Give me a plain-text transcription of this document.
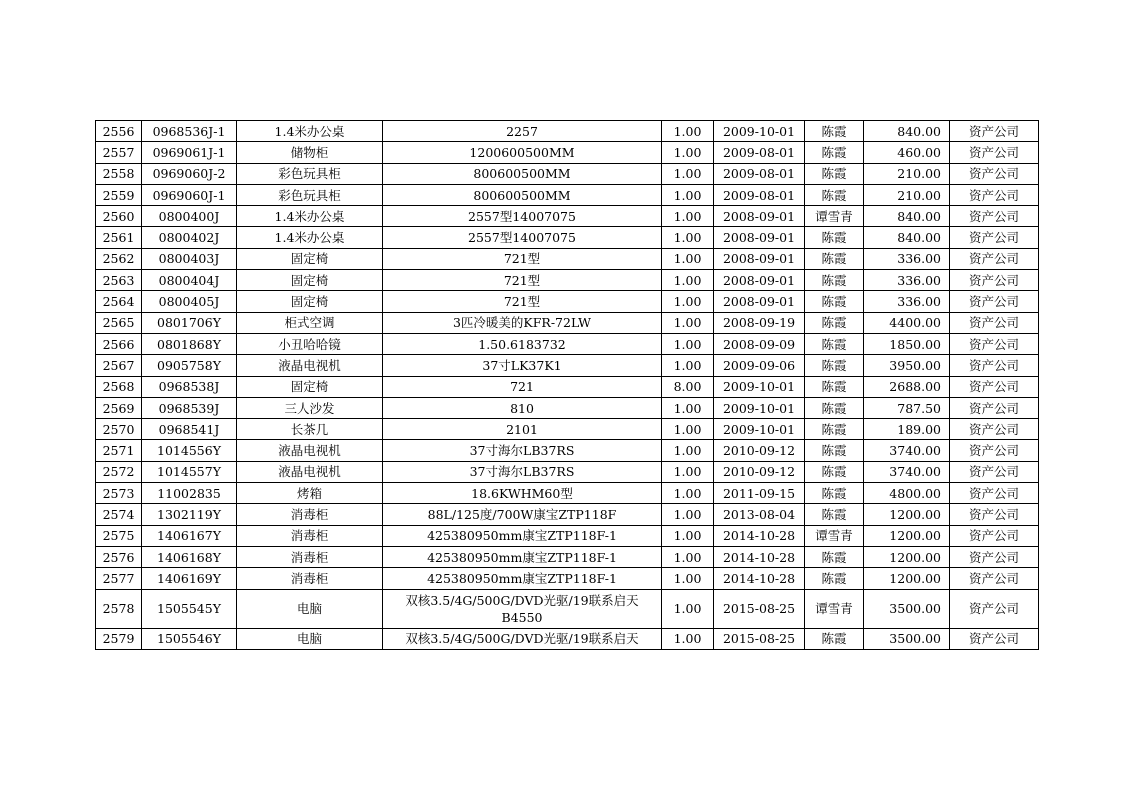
2556	0968536J-1	1.4米办公桌	2257	1.00	2009-10-01	陈霞	840.00	资产公司
2557	0969061J-1	储物柜	1200600500MM	1.00	2009-08-01	陈霞	460.00	资产公司
2558	0969060J-2	彩色玩具柜	800600500MM	1.00	2009-08-01	陈霞	210.00	资产公司
2559	0969060J-1	彩色玩具柜	800600500MM	1.00	2009-08-01	陈霞	210.00	资产公司
2560	0800400J	1.4米办公桌	2557型14007075	1.00	2008-09-01	谭雪青	840.00	资产公司
2561	0800402J	1.4米办公桌	2557型14007075	1.00	2008-09-01	陈霞	840.00	资产公司
2562	0800403J	固定椅	721型	1.00	2008-09-01	陈霞	336.00	资产公司
2563	0800404J	固定椅	721型	1.00	2008-09-01	陈霞	336.00	资产公司
2564	0800405J	固定椅	721型	1.00	2008-09-01	陈霞	336.00	资产公司
2565	0801706Y	柜式空调	3匹冷暖美的KFR-72LW	1.00	2008-09-19	陈霞	4400.00	资产公司
2566	0801868Y	小丑哈哈镜	1.50.6183732	1.00	2008-09-09	陈霞	1850.00	资产公司
2567	0905758Y	液晶电视机	37寸LK37K1	1.00	2009-09-06	陈霞	3950.00	资产公司
2568	0968538J	固定椅	721	8.00	2009-10-01	陈霞	2688.00	资产公司
2569	0968539J	三人沙发	810	1.00	2009-10-01	陈霞	787.50	资产公司
2570	0968541J	长茶几	2101	1.00	2009-10-01	陈霞	189.00	资产公司
2571	1014556Y	液晶电视机	37寸海尔LB37RS	1.00	2010-09-12	陈霞	3740.00	资产公司
2572	1014557Y	液晶电视机	37寸海尔LB37RS	1.00	2010-09-12	陈霞	3740.00	资产公司
2573	11002835	烤箱	18.6KWHM60型	1.00	2011-09-15	陈霞	4800.00	资产公司
2574	1302119Y	消毒柜	88L/125度/700W康宝ZTP118F	1.00	2013-08-04	陈霞	1200.00	资产公司
2575	1406167Y	消毒柜	425380950mm康宝ZTP118F-1	1.00	2014-10-28	谭雪青	1200.00	资产公司
2576	1406168Y	消毒柜	425380950mm康宝ZTP118F-1	1.00	2014-10-28	陈霞	1200.00	资产公司
2577	1406169Y	消毒柜	425380950mm康宝ZTP118F-1	1.00	2014-10-28	陈霞	1200.00	资产公司
2578	1505545Y	电脑	双核3.5/4G/500G/DVD光驱/19联系启天B4550	1.00	2015-08-25	谭雪青	3500.00	资产公司
2579	1505546Y	电脑	双核3.5/4G/500G/DVD光驱/19联系启天	1.00	2015-08-25	陈霞	3500.00	资产公司
